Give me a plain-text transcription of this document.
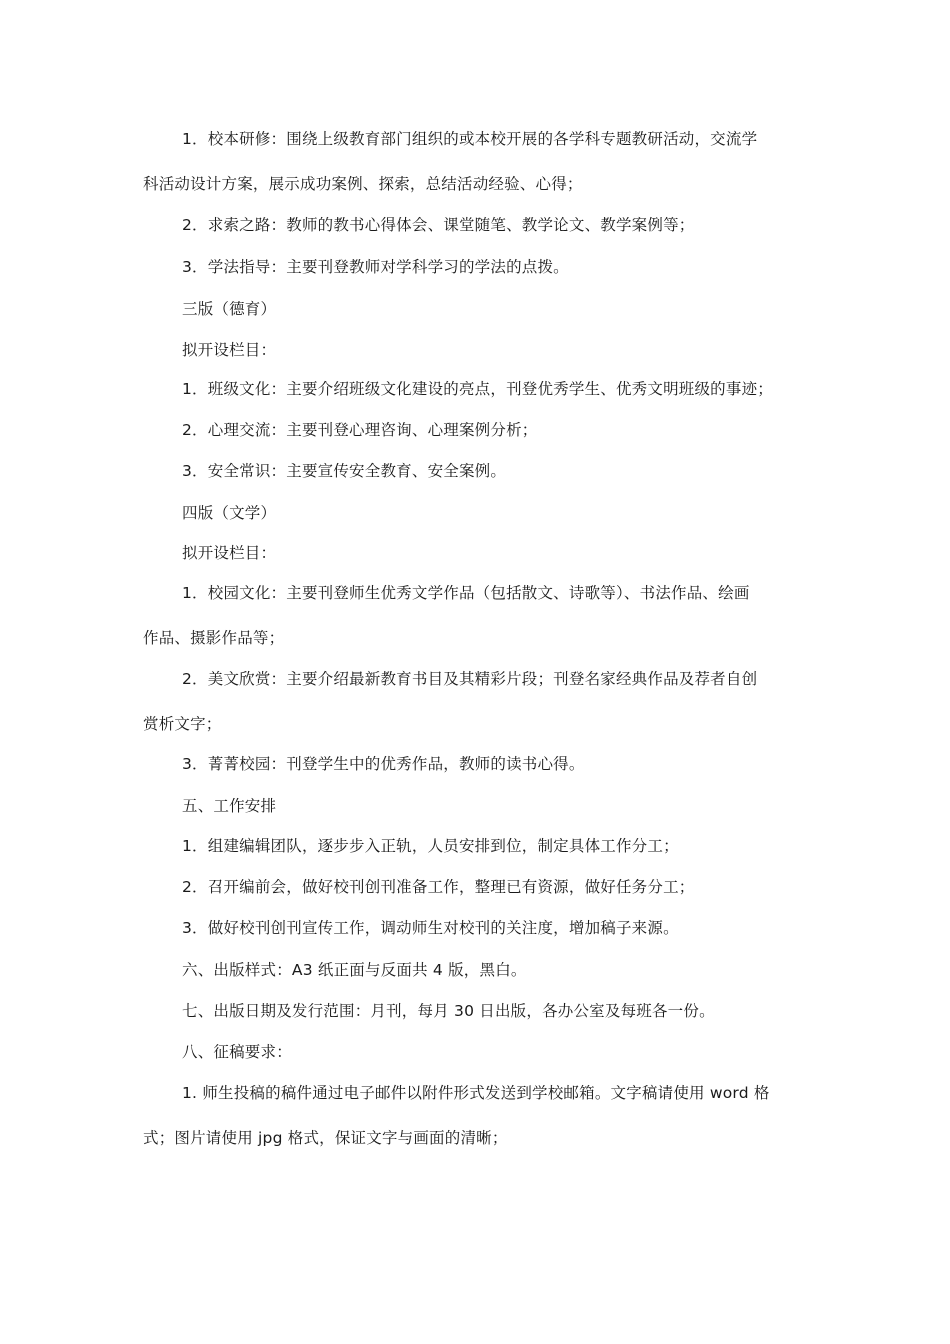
1．校本研修：围绕上级教育部门组织的或本校开展的各学科专题教研活动，交流学
科活动设计方案，展示成功案例、探索，总结活动经验、心得；
2．求索之路：教师的教书心得体会、课堂随笔、教学论文、教学案例等；
3．学法指导：主要刊登教师对学科学习的学法的点拨。
三版（德育）
拟开设栏目：
1．班级文化：主要介绍班级文化建设的亮点，刊登优秀学生、优秀文明班级的事迹；
2．心理交流：主要刊登心理咨询、心理案例分析；
3．安全常识：主要宣传安全教育、安全案例。
四版（文学）
拟开设栏目：
1．校园文化：主要刊登师生优秀文学作品（包括散文、诗歌等）、书法作品、绘画
作品、摄影作品等；
2．美文欣赏：主要介绍最新教育书目及其精彩片段；刊登名家经典作品及荐者自创
赏析文字；
3．菁菁校园：刊登学生中的优秀作品，教师的读书心得。
五、工作安排
1．组建编辑团队，逐步步入正轨，人员安排到位，制定具体工作分工；
2．召开编前会，做好校刊创刊准备工作，整理已有资源，做好任务分工；
3．做好校刊创刊宣传工作，调动师生对校刊的关注度，增加稿子来源。
六、出版样式：A3 纸正面与反面共 4 版，黑白。
七、出版日期及发行范围：月刊，每月 30 日出版，各办公室及每班各一份。
八、征稿要求：
1. 师生投稿的稿件通过电子邮件以附件形式发送到学校邮箱。文字稿请使用 word 格
式；图片请使用 jpg 格式，保证文字与画面的清晰；
